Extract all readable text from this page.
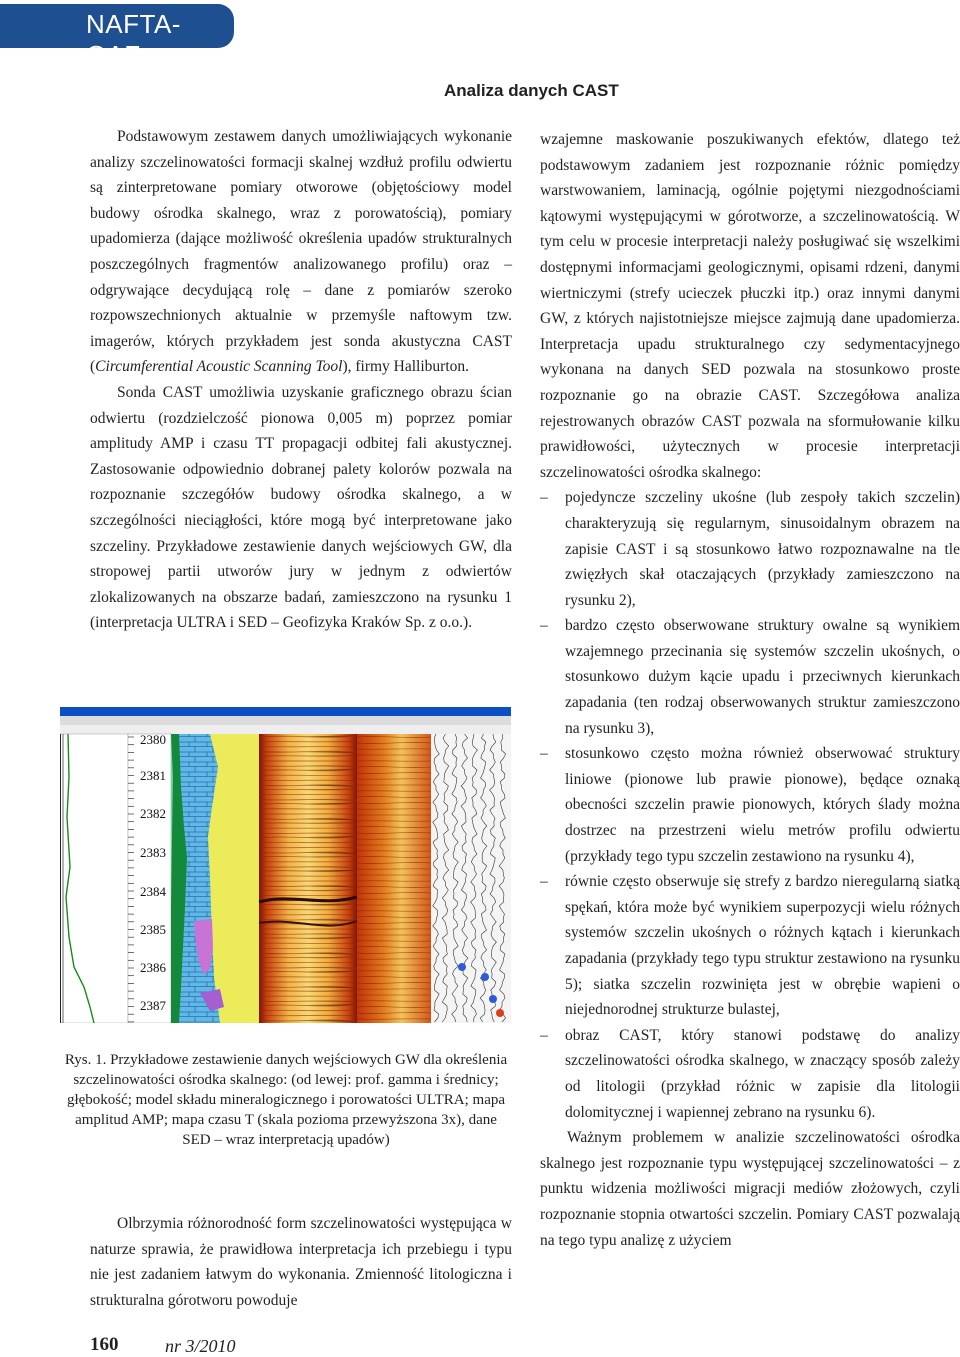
NAFTA-GAZ
Analiza danych CAST

Podstawowym zestawem danych umożliwiających wykonanie analizy szczelinowatości formacji skalnej wzdłuż profilu odwiertu są zinterpretowane pomiary otworowe (objętościowy model budowy ośrodka skalnego, wraz z porowatością), pomiary upadomierza (dające możliwość określenia upadów strukturalnych poszczególnych fragmentów analizowanego profilu) oraz – odgrywające decydującą rolę – dane z pomiarów szeroko rozpowszechnionych aktualnie w przemyśle naftowym tzw. imagerów, których przykładem jest sonda akustyczna CAST (Circumferential Acoustic Scanning Tool), firmy Halliburton.

Sonda CAST umożliwia uzyskanie graficznego obrazu ścian odwiertu (rozdzielczość pionowa 0,005 m) poprzez pomiar amplitudy AMP i czasu TT propagacji odbitej fali akustycznej. Zastosowanie odpowiednio dobranej palety kolorów pozwala na rozpoznanie szczegółów budowy ośrodka skalnego, a w szczególności nieciągłości, które mogą być interpretowane jako szczeliny. Przykładowe zestawienie danych wejściowych GW, dla stropowej partii utworów jury w jednym z odwiertów zlokalizowanych na obszarze badań, zamieszczono na rysunku 1 (interpretacja ULTRA i SED – Geofizyka Kraków Sp. z o.o.).

2380
2381
2382
2383
2384
2385
2386
2387
Rys. 1. Przykładowe zestawienie danych wejściowych GW dla określenia szczelinowatości ośrodka skalnego: (od lewej: prof. gamma i średnicy; głębokość; model składu mineralogicznego i porowatości ULTRA; mapa amplitud AMP; mapa czasu T (skala pozioma przewyższona 3x), dane SED – wraz interpretacją upadów)

Olbrzymia różnorodność form szczelinowatości występująca w naturze sprawia, że prawidłowa interpretacja ich przebiegu i typu nie jest zadaniem łatwym do wykonania. Zmienność litologiczna i strukturalna górotworu powoduje

wzajemne maskowanie poszukiwanych efektów, dlatego też podstawowym zadaniem jest rozpoznanie różnic pomiędzy warstwowaniem, laminacją, ogólnie pojętymi niezgodnościami kątowymi występującymi w górotworze, a szczelinowatością. W tym celu w procesie interpretacji należy posługiwać się wszelkimi dostępnymi informacjami geologicznymi, opisami rdzeni, danymi wiertniczymi (strefy ucieczek płuczki itp.) oraz innymi danymi GW, z których najistotniejsze miejsce zajmują dane upadomierza. Interpretacja upadu strukturalnego czy sedymentacyjnego wykonana na danych SED pozwala na stosunkowo proste rozpoznanie go na obrazie CAST. Szczegółowa analiza rejestrowanych obrazów CAST pozwala na sformułowanie kilku prawidłowości, użytecznych w procesie interpretacji szczelinowatości ośrodka skalnego:

– pojedyncze szczeliny ukośne (lub zespoły takich szczelin) charakteryzują się regularnym, sinusoidalnym obrazem na zapisie CAST i są stosunkowo łatwo rozpoznawalne na tle zwięzłych skał otaczających (przykłady zamieszczono na rysunku 2),
– bardzo często obserwowane struktury owalne są wynikiem wzajemnego przecinania się systemów szczelin ukośnych, o stosunkowo dużym kącie upadu i przeciwnych kierunkach zapadania (ten rodzaj obserwowanych struktur zamieszczono na rysunku 3),
– stosunkowo często można również obserwować struktury liniowe (pionowe lub prawie pionowe), będące oznaką obecności szczelin prawie pionowych, których ślady można dostrzec na przestrzeni wielu metrów profilu odwiertu (przykłady tego typu szczelin zestawiono na rysunku 4),
– równie często obserwuje się strefy z bardzo nieregularną siatką spękań, która może być wynikiem superpozycji wielu różnych systemów szczelin ukośnych o różnych kątach i kierunkach zapadania (przykłady tego typu struktur zestawiono na rysunku 5); siatka szczelin rozwinięta jest w obrębie wapieni o niejednorodnej strukturze bulastej,
– obraz CAST, który stanowi podstawę do analizy szczelinowatości ośrodka skalnego, w znaczący sposób zależy od litologii (przykład różnic w zapisie dla litologii dolomitycznej i wapiennej zebrano na rysunku 6).

Ważnym problemem w analizie szczelinowatości ośrodka skalnego jest rozpoznanie typu występującej szczelinowatości – z punktu widzenia możliwości migracji mediów złożowych, czyli rozpoznanie stopnia otwartości szczelin. Pomiary CAST pozwalają na tego typu analizę z użyciem

160	nr 3/2010
